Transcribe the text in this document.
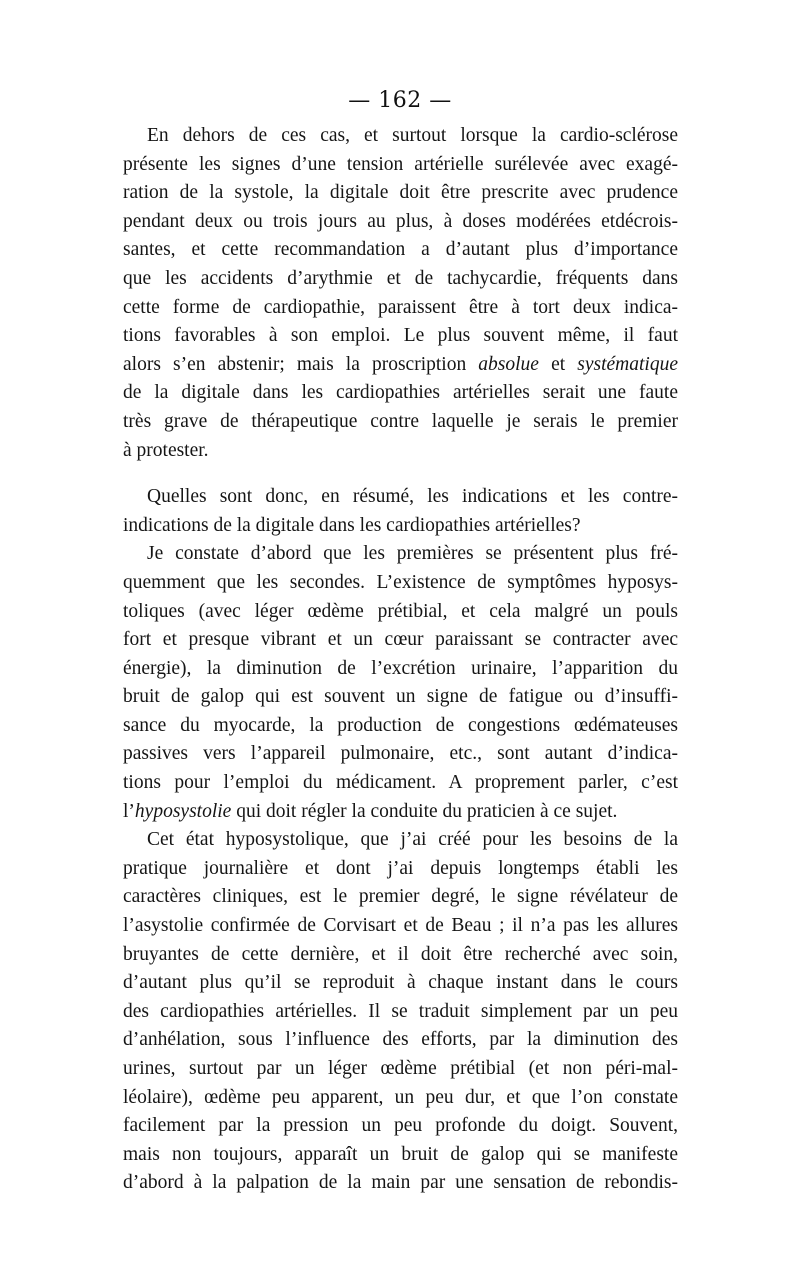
— 162 —
En dehors de ces cas, et surtout lorsque la cardio-sclérose
présente les signes d’une tension artérielle surélevée avec exagé-
ration de la systole, la digitale doit être prescrite avec prudence
pendant deux ou trois jours au plus, à doses modérées etdécrois-
santes, et cette recommandation a d’autant plus d’importance
que les accidents d’arythmie et de tachycardie, fréquents dans
cette forme de cardiopathie, paraissent être à tort deux indica-
tions favorables à son emploi. Le plus souvent même, il faut
alors s’en abstenir; mais la proscription absolue et systématique
de la digitale dans les cardiopathies artérielles serait une faute
très grave de thérapeutique contre laquelle je serais le premier
à protester.
Quelles sont donc, en résumé, les indications et les contre-
indications de la digitale dans les cardiopathies artérielles?
Je constate d’abord que les premières se présentent plus fré-
quemment que les secondes. L’existence de symptômes hyposys-
toliques (avec léger œdème prétibial, et cela malgré un pouls
fort et presque vibrant et un cœur paraissant se contracter avec
énergie), la diminution de l’excrétion urinaire, l’apparition du
bruit de galop qui est souvent un signe de fatigue ou d’insuffi-
sance du myocarde, la production de congestions œdémateuses
passives vers l’appareil pulmonaire, etc., sont autant d’indica-
tions pour l’emploi du médicament. A proprement parler, c’est
l’hyposystolie qui doit régler la conduite du praticien à ce sujet.
Cet état hyposystolique, que j’ai créé pour les besoins de la
pratique journalière et dont j’ai depuis longtemps établi les
caractères cliniques, est le premier degré, le signe révélateur de
l’asystolie confirmée de Corvisart et de Beau ; il n’a pas les allures
bruyantes de cette dernière, et il doit être recherché avec soin,
d’autant plus qu’il se reproduit à chaque instant dans le cours
des cardiopathies artérielles. Il se traduit simplement par un peu
d’anhélation, sous l’influence des efforts, par la diminution des
urines, surtout par un léger œdème prétibial (et non péri-mal-
léolaire), œdème peu apparent, un peu dur, et que l’on constate
facilement par la pression un peu profonde du doigt. Souvent,
mais non toujours, apparaît un bruit de galop qui se manifeste
d’abord à la palpation de la main par une sensation de rebondis-
